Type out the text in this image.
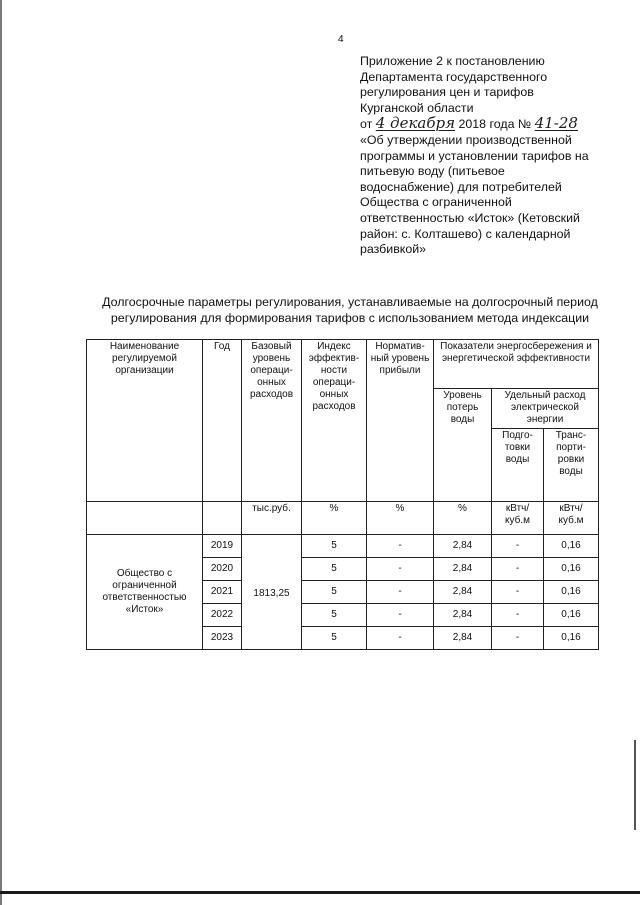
4
Приложение 2 к постановлению
Департамента государственного
регулирования цен и тарифов
Курганской области
от 4 декабря 2018 года № 41-28
«Об утверждении производственной
программы и установлении тарифов на
питьевую воду (питьевое
водоснабжение) для потребителей
Общества с ограниченной
ответственностью «Исток» (Кетовский
район: с. Колташево) с календарной
разбивкой»
Долгосрочные параметры регулирования, устанавливаемые на долгосрочный период
регулирования для формирования тарифов с использованием метода индексации
Наименование регулируемой организации	Год	Базовый уровень операци-онных расходов	Индекс эффектив-ности операци-онных расходов	Норматив-ный уровень прибыли	Показатели энергосбережения и энергетической эффективности		
					Уровень потерь воды	Удельный расход электрической энергии	
						Подго-товки воды	Транс-порти-ровки воды
		тыс.руб.	%	%	%	кВтч/ куб.м	кВтч/ куб.м
Общество с ограниченной ответственностью «Исток»	2019	1813,25	5	-	2,84	-	0,16
	2020		5	-	2,84	-	0,16
	2021		5	-	2,84	-	0,16
	2022		5	-	2,84	-	0,16
	2023		5	-	2,84	-	0,16
